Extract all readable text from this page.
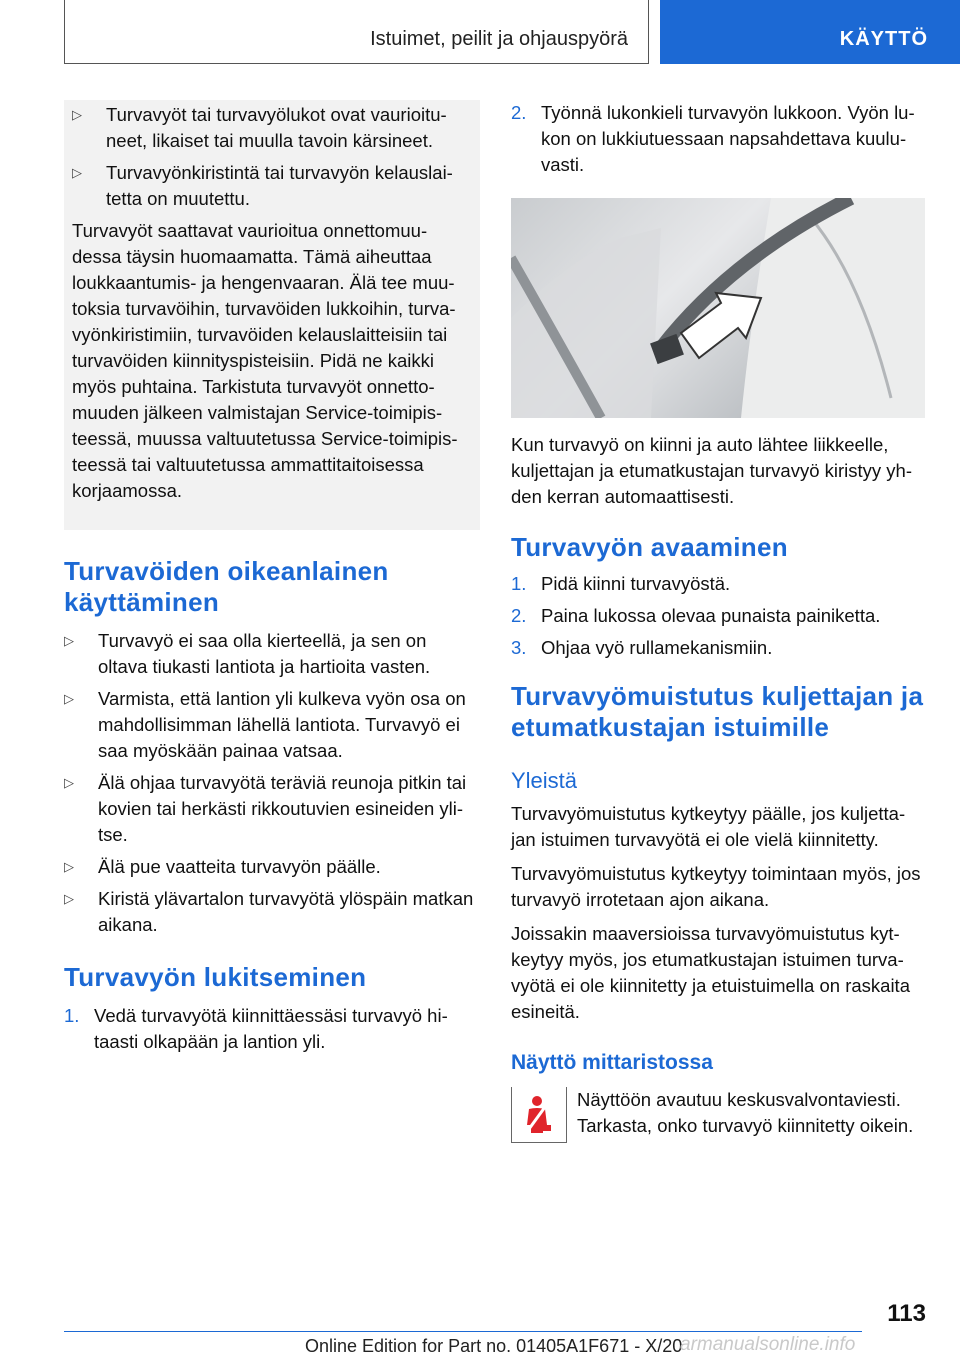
Istuimet, peilit ja ohjauspyörä	KÄYTTÖ
▷ Turvavyöt tai turvavyölukot ovat vaurioitu-neet, likaiset tai muulla tavoin kärsineet.
▷ Turvavyönkiristintä tai turvavyön kelauslai-tetta on muutettu.

Turvavyöt saattavat vaurioitua onnettomuu-dessa täysin huomaamatta. Tämä aiheuttaa loukkaantumis- ja hengenvaaran. Älä tee muu-toksia turvavöihin, turvavöiden lukkoihin, turva-vyönkiristimiin, turvavöiden kelauslaitteisiin tai turvavöiden kiinnityspisteisiin. Pidä ne kaikki myös puhtaina. Tarkistuta turvavyöt onnetto-muuden jälkeen valmistajan Service-toimipis-teessä, muussa valtuutetussa Service-toimipis-teessä tai valtuutetussa ammattitaitoisessa korjaamossa.

Turvavöiden oikeanlainen käyttäminen
▷ Turvavyö ei saa olla kierteellä, ja sen on oltava tiukasti lantiota ja hartioita vasten.
▷ Varmista, että lantion yli kulkeva vyön osa on mahdollisimman lähellä lantiota. Turvavyö ei saa myöskään painaa vatsaa.
▷ Älä ohjaa turvavyötä teräviä reunoja pitkin tai kovien tai herkästi rikkoutuvien esineiden yli-tse.
▷ Älä pue vaatteita turvavyön päälle.
▷ Kiristä ylävartalon turvavyötä ylöspäin matkan aikana.
Turvavyön lukitseminen
1. Vedä turvavyötä kiinnittäessäsi turvavyö hi-taasti olkapään ja lantion yli.
2. Työnnä lukonkieli turvavyön lukkoon. Vyön lu-kon on lukkiutuessaan napsahdettava kuulu-vasti.

Kun turvavyö on kiinni ja auto lähtee liikkeelle, kuljettajan ja etumatkustajan turvavyö kiristyy yh-den kerran automaattisesti.

Turvavyön avaaminen
1. Pidä kiinni turvavyöstä.
2. Paina lukossa olevaa punaista painiketta.
3. Ohjaa vyö rullamekanismiin.
Turvavyömuistutus kuljettajan ja etumatkustajan istuimille
Yleistä

Turvavyömuistutus kytkeytyy päälle, jos kuljetta-jan istuimen turvavyötä ei ole vielä kiinnitetty.

Turvavyömuistutus kytkeytyy toimintaan myös, jos turvavyö irrotetaan ajon aikana.

Joissakin maaversioissa turvavyömuistutus kyt-keytyy myös, jos etumatkustajan istuimen turva-vyötä ei ole kiinnitetty ja etuistuimella on raskaita esineitä.

Näyttö mittaristossa

Näyttöön avautuu keskusvalvontaviesti. Tarkasta, onko turvavyö kiinnitetty oikein.

113
Online Edition for Part no. 01405A1F671 - X/20
armanualsonline.info
